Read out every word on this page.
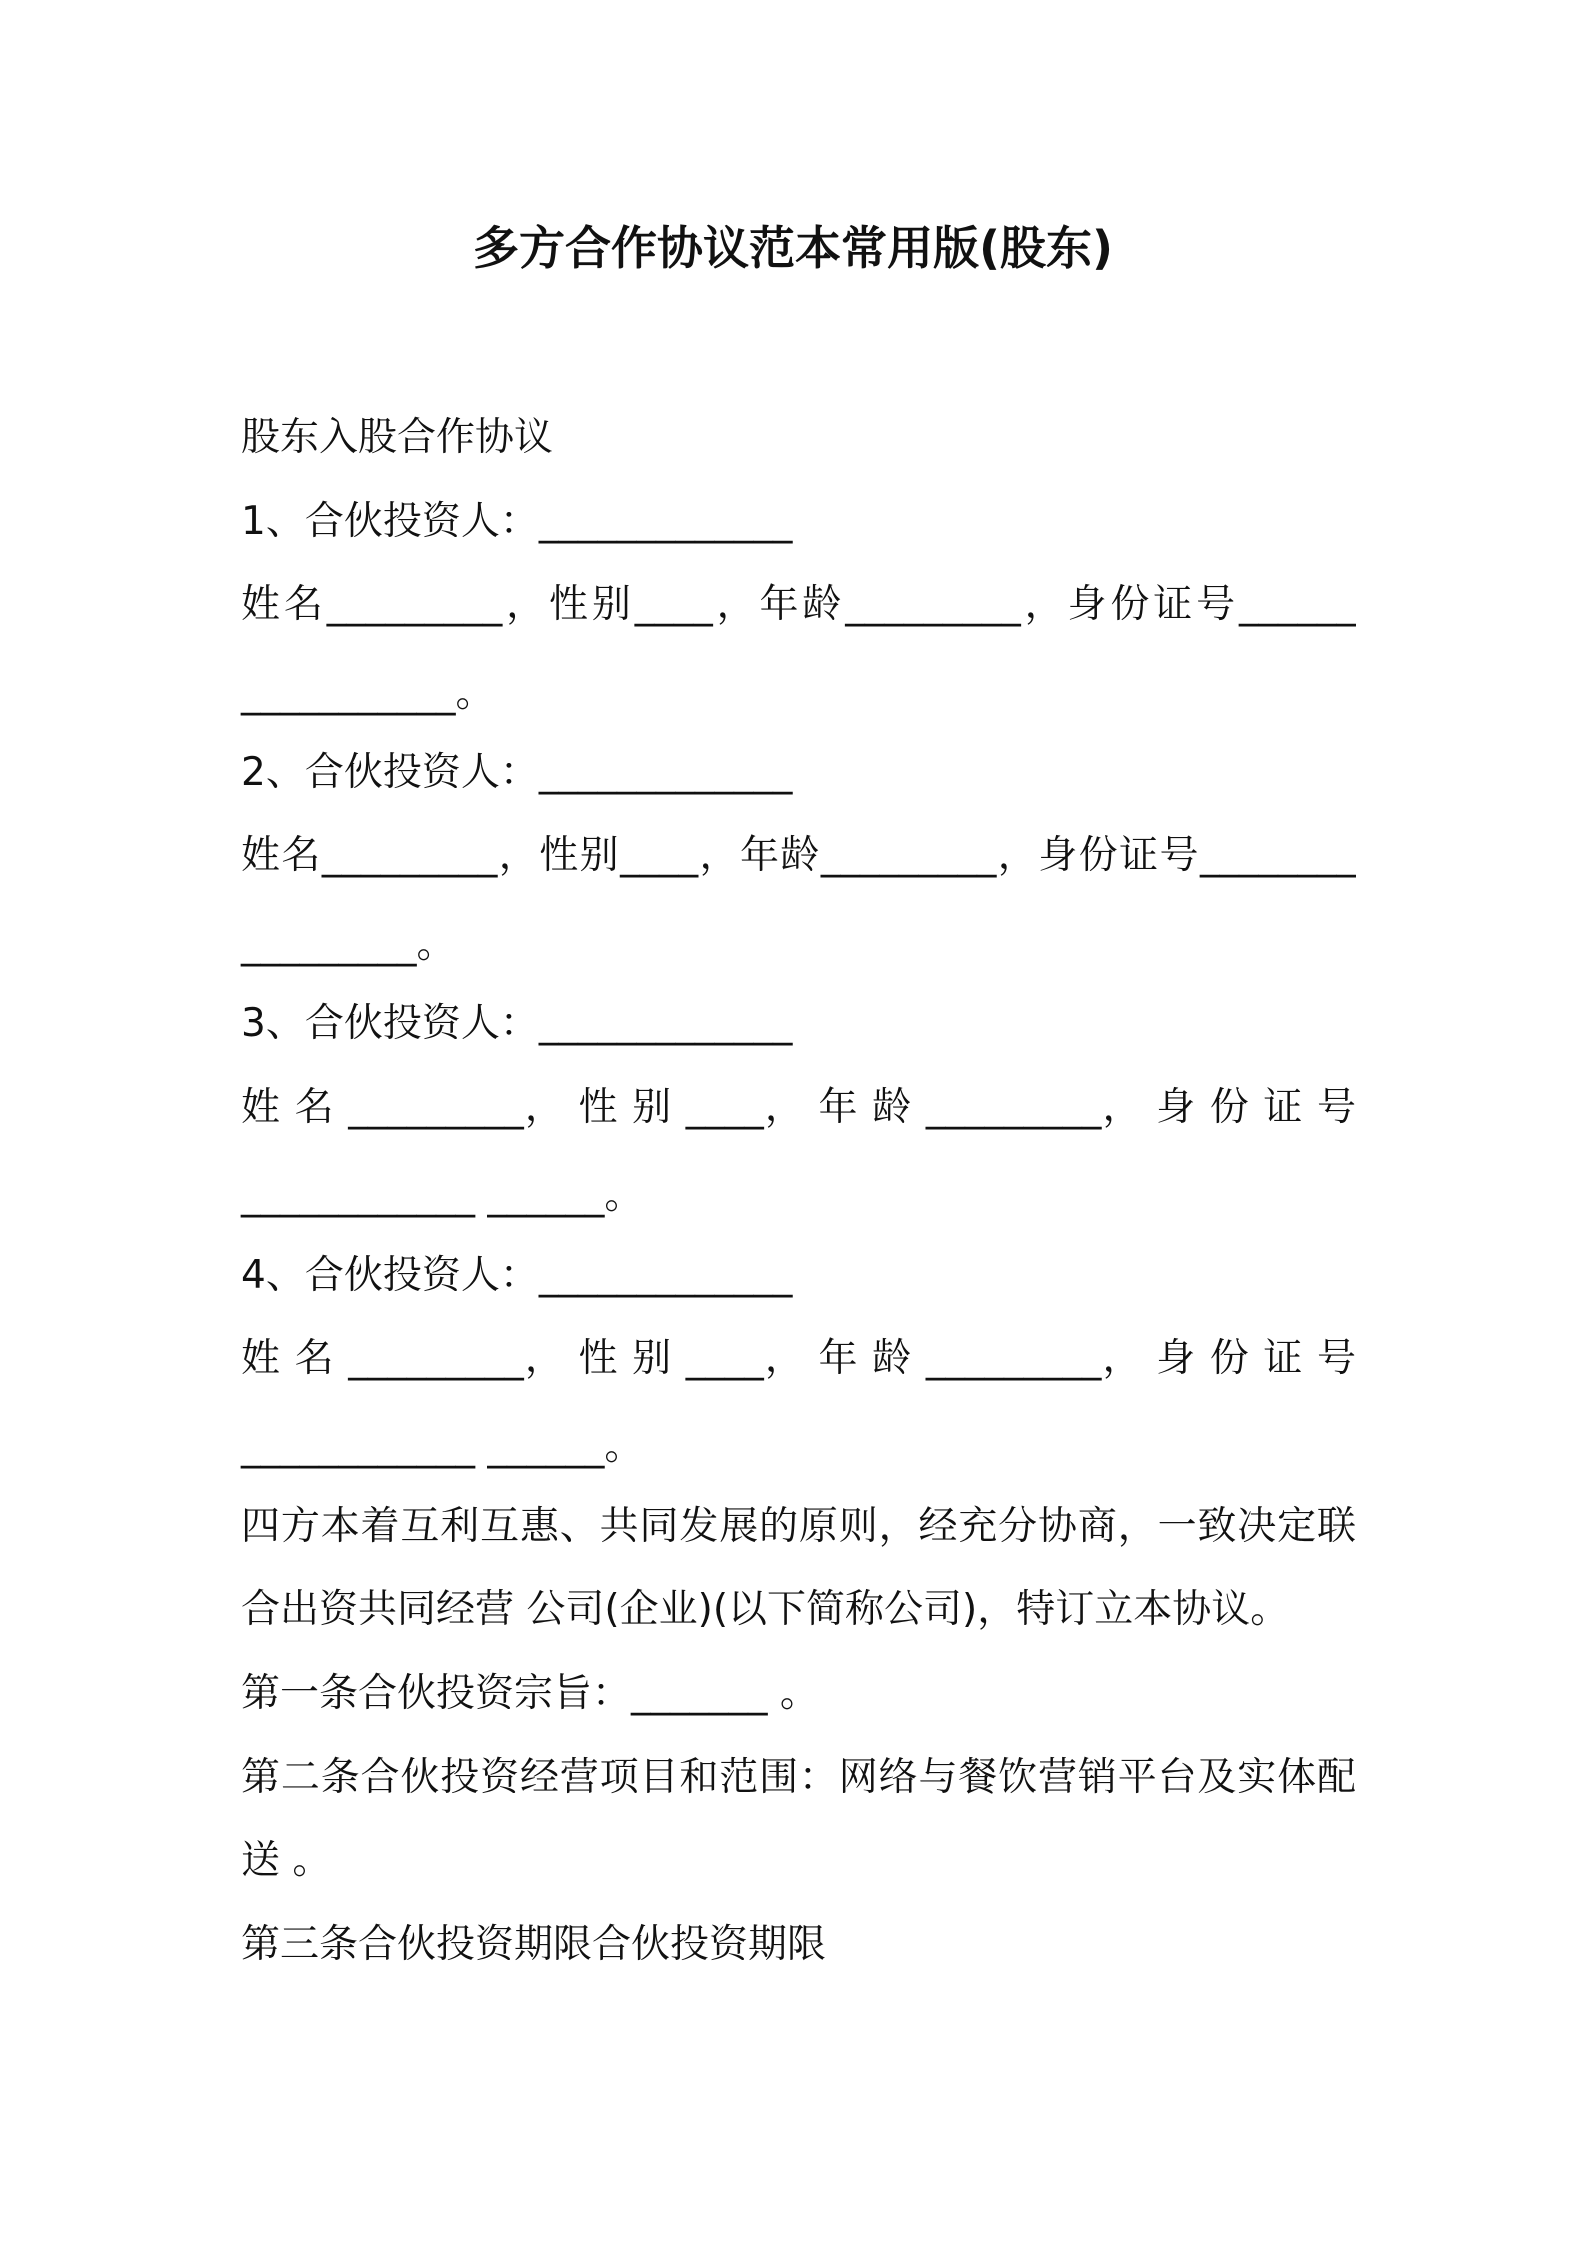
多方合作协议范本常用版(股东)
股东入股合作协议
1、合伙投资人：_____________
姓名_________，性别____，年龄_________，身份证号______
___________。
2、合伙投资人：_____________
姓名_________，性别____，年龄_________，身份证号________
_________。
3、合伙投资人：_____________
姓 名 _________， 性 别 ____， 年 龄 _________， 身 份 证 号
____________ ______。
4、合伙投资人：_____________
姓 名 _________， 性 别 ____， 年 龄 _________， 身 份 证 号
____________ ______。
四方本着互利互惠、共同发展的原则，经充分协商，一致决定联
合出资共同经营 公司(企业)(以下简称公司)，特订立本协议。
第一条合伙投资宗旨：_______ 。
第二条合伙投资经营项目和范围：网络与餐饮营销平台及实体配
送 。
第三条合伙投资期限合伙投资期限
